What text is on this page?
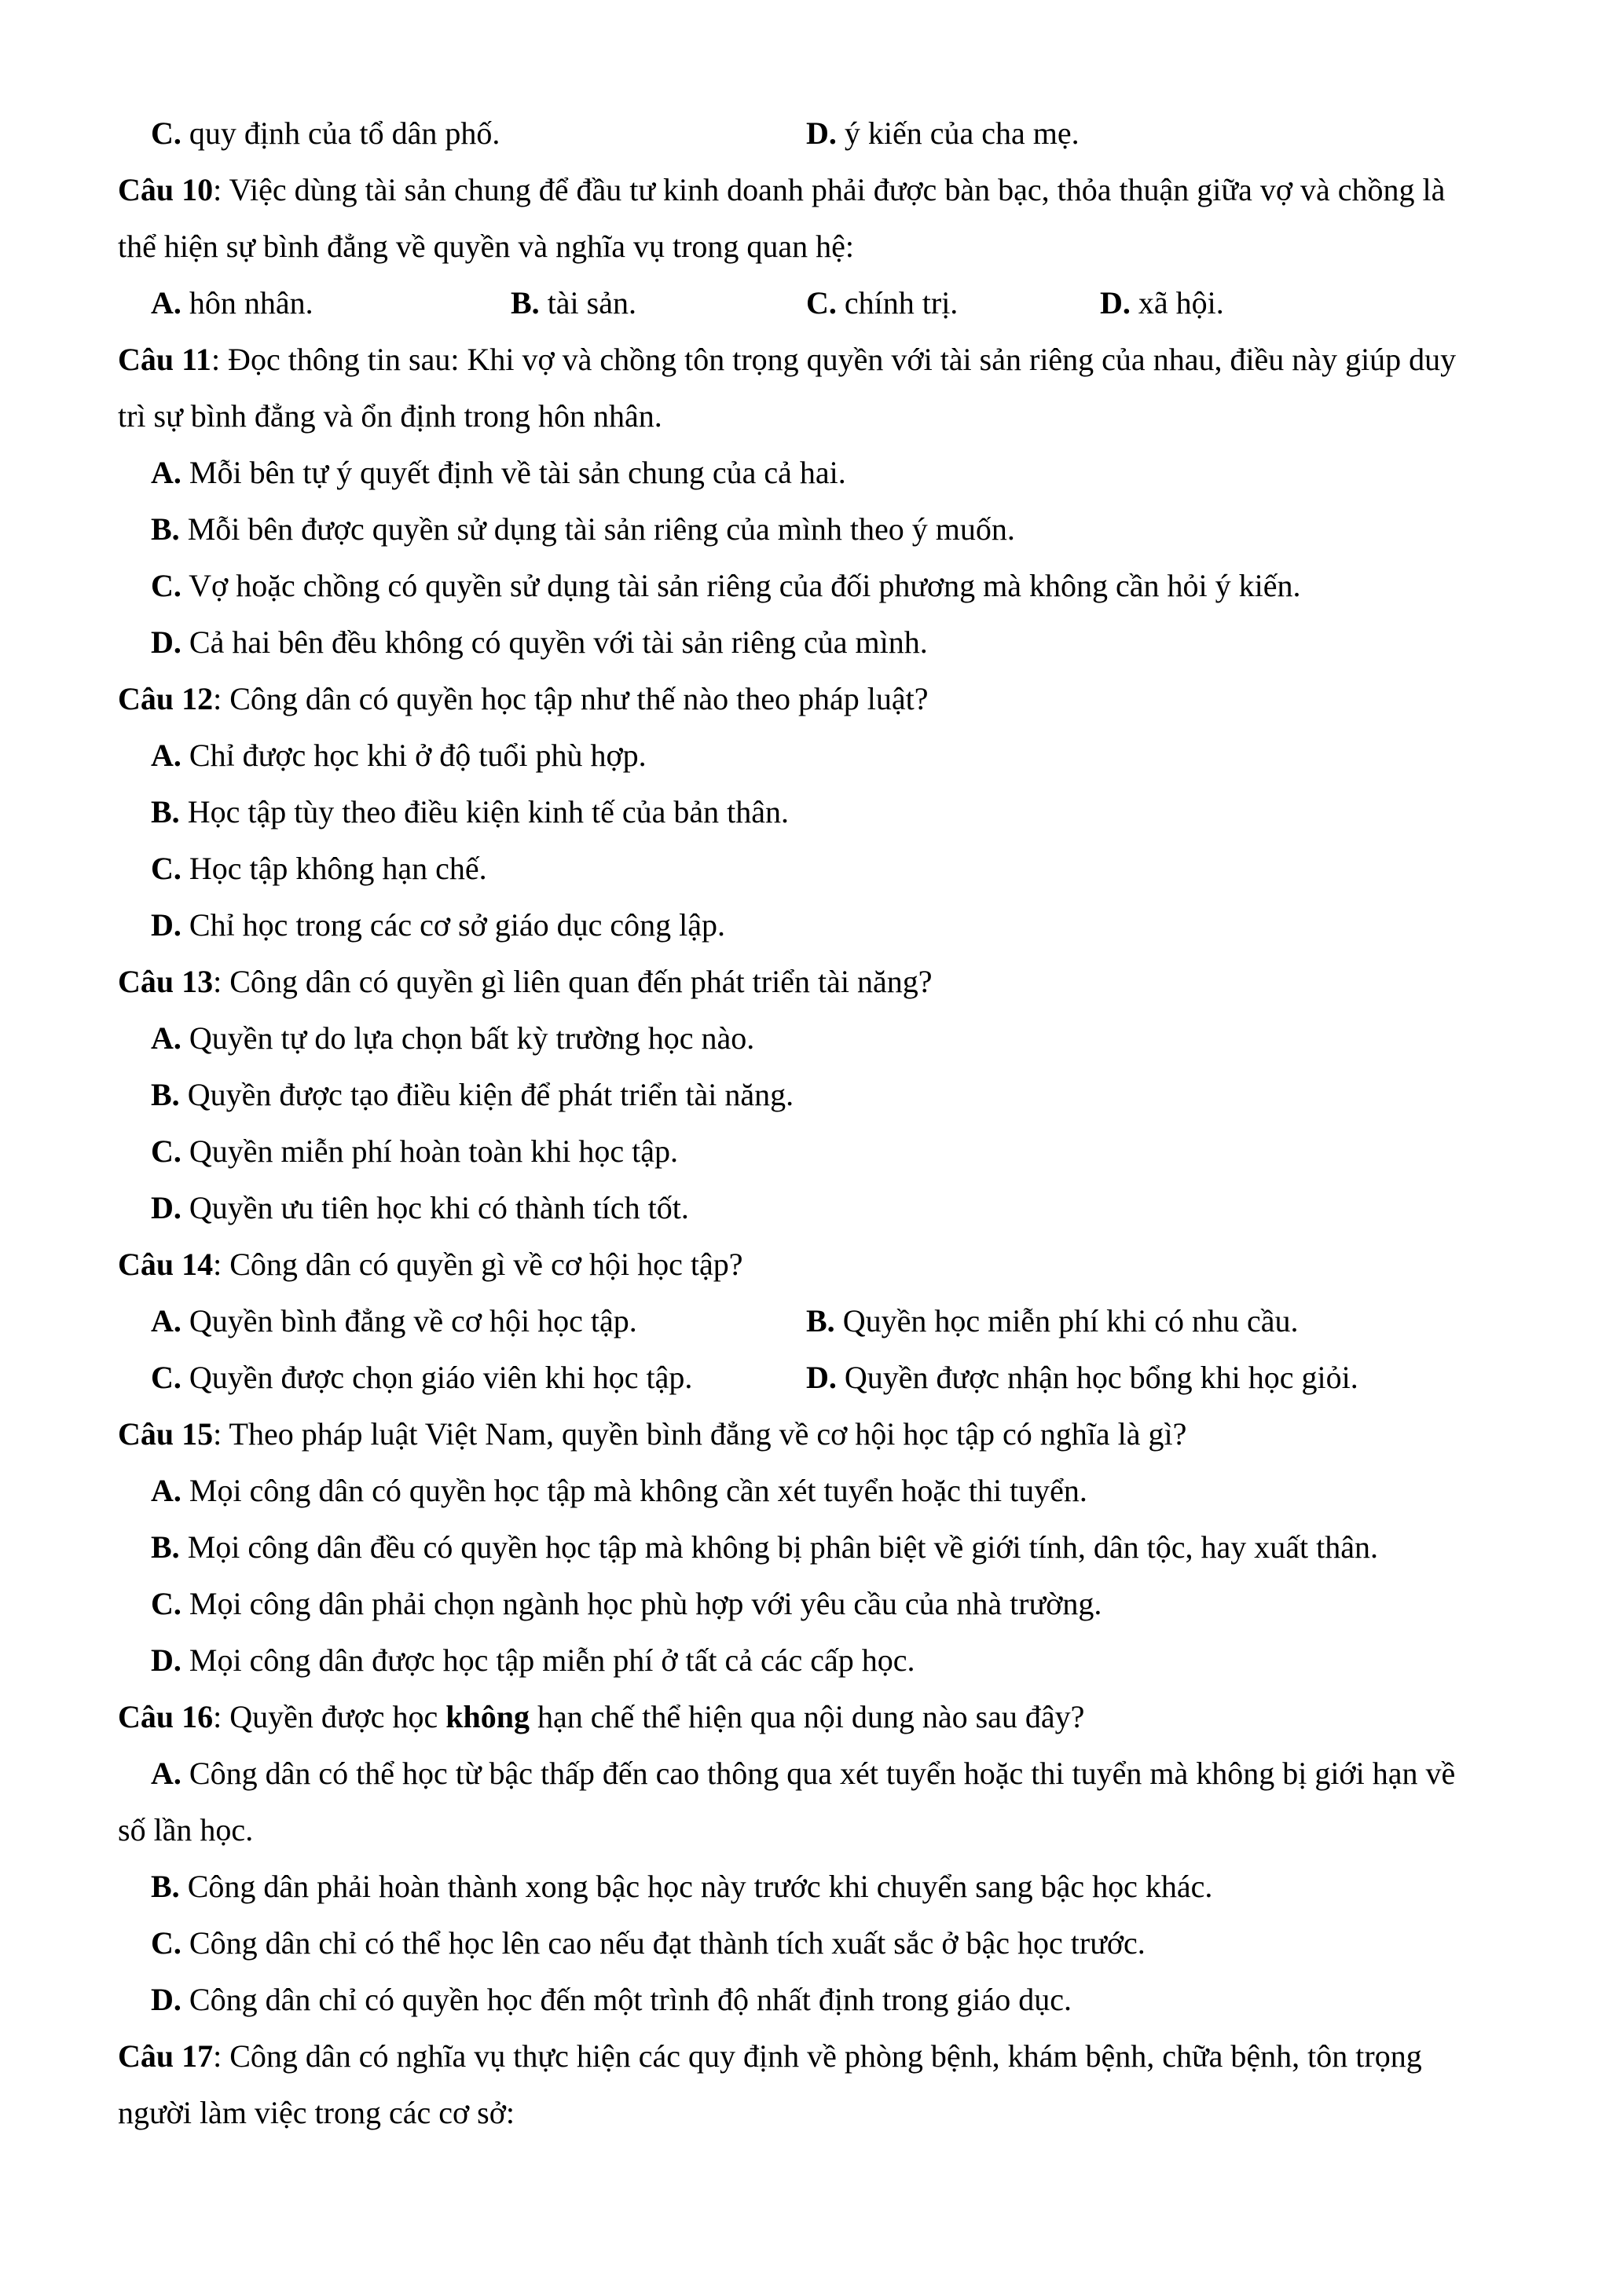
C. quy định của tổ dân phố.	D. ý kiến của cha mẹ.
Câu 10: Việc dùng tài sản chung để đầu tư kinh doanh phải được bàn bạc, thỏa thuận giữa vợ và chồng là
thể hiện sự bình đẳng về quyền và nghĩa vụ trong quan hệ:
A. hôn nhân.	B. tài sản.	C. chính trị.	D. xã hội.
Câu 11: Đọc thông tin sau: Khi vợ và chồng tôn trọng quyền với tài sản riêng của nhau, điều này giúp duy
trì sự bình đẳng và ổn định trong hôn nhân.
A. Mỗi bên tự ý quyết định về tài sản chung của cả hai.
B. Mỗi bên được quyền sử dụng tài sản riêng của mình theo ý muốn.
C. Vợ hoặc chồng có quyền sử dụng tài sản riêng của đối phương mà không cần hỏi ý kiến.
D. Cả hai bên đều không có quyền với tài sản riêng của mình.
Câu 12: Công dân có quyền học tập như thế nào theo pháp luật?
A. Chỉ được học khi ở độ tuổi phù hợp.
B. Học tập tùy theo điều kiện kinh tế của bản thân.
C. Học tập không hạn chế.
D. Chỉ học trong các cơ sở giáo dục công lập.
Câu 13: Công dân có quyền gì liên quan đến phát triển tài năng?
A. Quyền tự do lựa chọn bất kỳ trường học nào.
B. Quyền được tạo điều kiện để phát triển tài năng.
C. Quyền miễn phí hoàn toàn khi học tập.
D. Quyền ưu tiên học khi có thành tích tốt.
Câu 14: Công dân có quyền gì về cơ hội học tập?
A. Quyền bình đẳng về cơ hội học tập.	B. Quyền học miễn phí khi có nhu cầu.
C. Quyền được chọn giáo viên khi học tập.	D. Quyền được nhận học bổng khi học giỏi.
Câu 15: Theo pháp luật Việt Nam, quyền bình đẳng về cơ hội học tập có nghĩa là gì?
A. Mọi công dân có quyền học tập mà không cần xét tuyển hoặc thi tuyển.
B. Mọi công dân đều có quyền học tập mà không bị phân biệt về giới tính, dân tộc, hay xuất thân.
C. Mọi công dân phải chọn ngành học phù hợp với yêu cầu của nhà trường.
D. Mọi công dân được học tập miễn phí ở tất cả các cấp học.
Câu 16: Quyền được học không hạn chế thể hiện qua nội dung nào sau đây?
A. Công dân có thể học từ bậc thấp đến cao thông qua xét tuyển hoặc thi tuyển mà không bị giới hạn về
số lần học.
B. Công dân phải hoàn thành xong bậc học này trước khi chuyển sang bậc học khác.
C. Công dân chỉ có thể học lên cao nếu đạt thành tích xuất sắc ở bậc học trước.
D. Công dân chỉ có quyền học đến một trình độ nhất định trong giáo dục.
Câu 17: Công dân có nghĩa vụ thực hiện các quy định về phòng bệnh, khám bệnh, chữa bệnh, tôn trọng
người làm việc trong các cơ sở:
